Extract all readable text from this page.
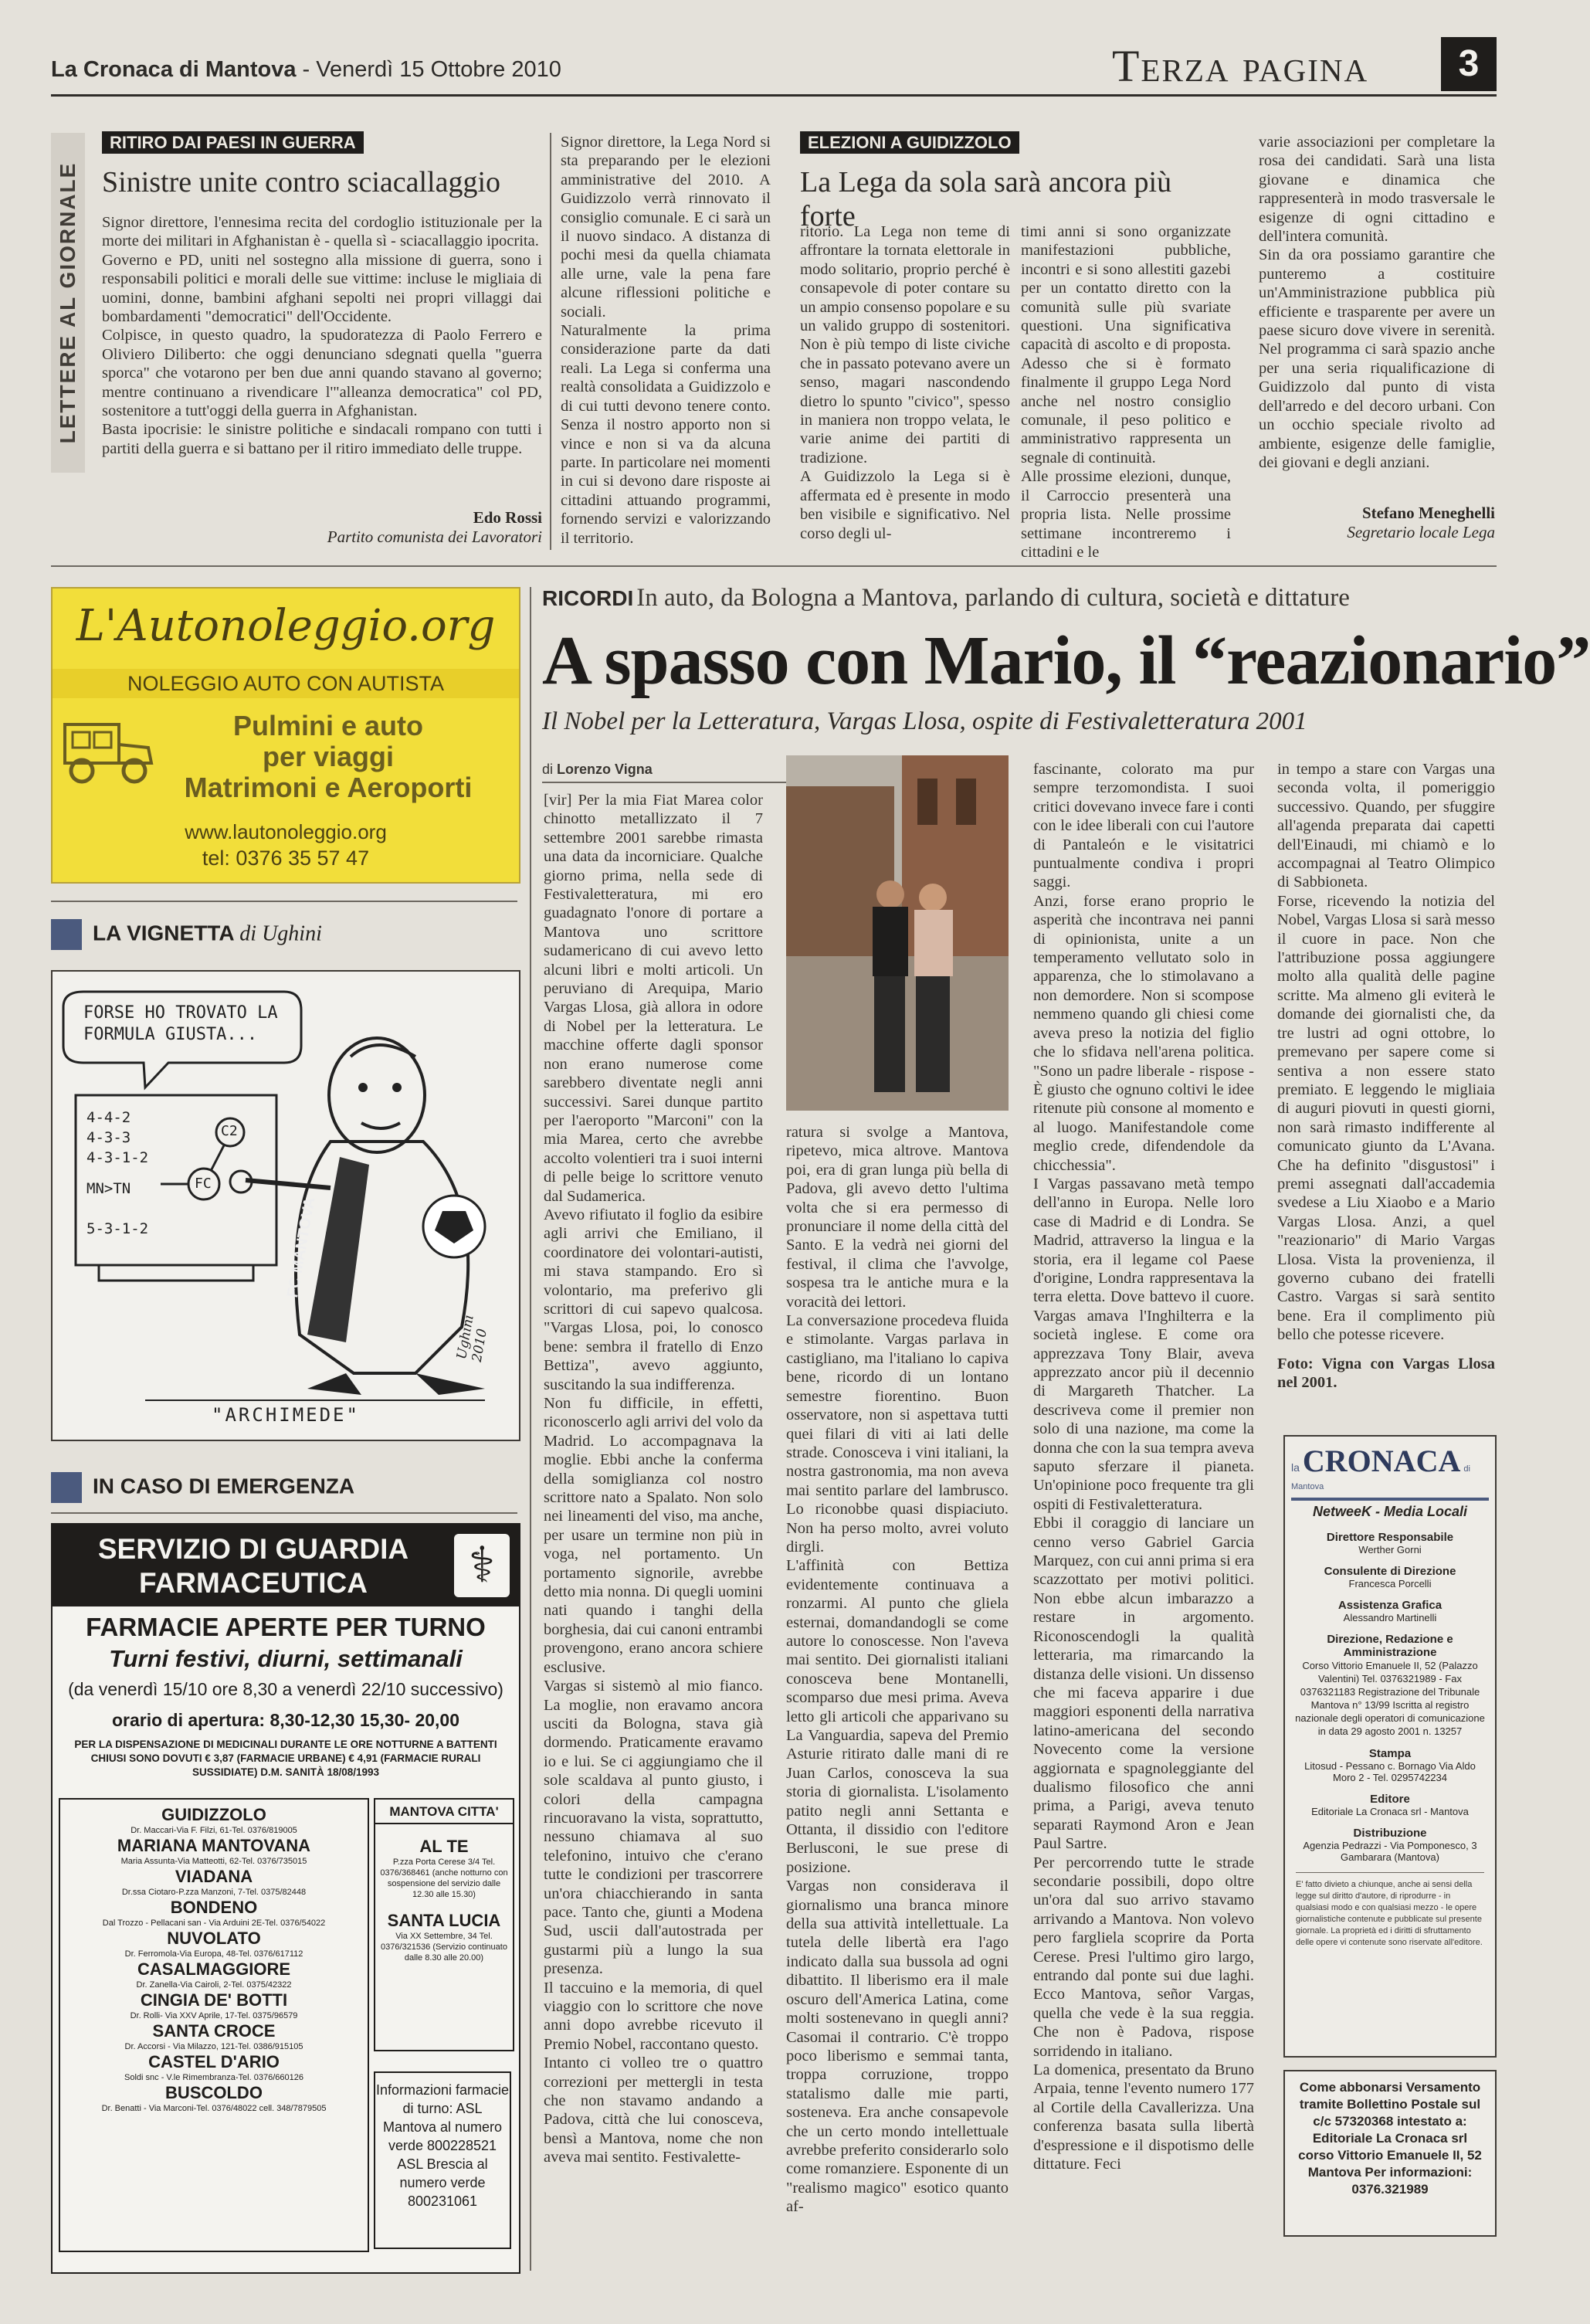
La Cronaca di Mantova - Venerdì 15 Ottobre 2010	Terza pagina	3
LETTERE AL GIORNALE
RITIRO DAI PAESI IN GUERRA
Sinistre unite contro sciacallaggio
Signor direttore, l'ennesima recita del cordoglio istituzionale per la morte dei militari in Afghanistan è - quella sì - sciacallaggio ipocrita.
Governo e PD, uniti nel sostegno alla missione di guerra, sono i responsabili politici e morali delle sue vittime: incluse le migliaia di uomini, donne, bambini afghani sepolti nei propri villaggi dai bombardamenti "democratici" dell'Occidente.
Colpisce, in questo quadro, la spudoratezza di Paolo Ferrero e Oliviero Diliberto: che oggi denunciano sdegnati quella "guerra sporca" che votarono per ben due anni quando stavano al governo; mentre continuano a rivendicare l'"alleanza democratica" col PD, sostenitore a tutt'oggi della guerra in Afghanistan.
Basta ipocrisie: le sinistre politiche e sindacali rompano con tutti i partiti della guerra e si battano per il ritiro immediato delle truppe.
Edo Rossi
Partito comunista dei Lavoratori
Signor direttore, la Lega Nord si sta preparando per le elezioni amministrative del 2010. A Guidizzolo verrà rinnovato il consiglio comunale. E ci sarà un il nuovo sindaco. A distanza di pochi mesi da quella chiamata alle urne, vale la pena fare alcune riflessioni politiche e sociali.
Naturalmente la prima considerazione parte da dati reali. La Lega si conferma una realtà consolidata a Guidizzolo e di cui tutti devono tenere conto. Senza il nostro apporto non si vince e non si va da alcuna parte. In particolare nei momenti in cui si devono dare risposte ai cittadini attuando programmi, fornendo servizi e valorizzando il territorio.
ELEZIONI A GUIDIZZOLO
La Lega da sola sarà ancora più forte
ritorio. La Lega non teme di affrontare la tornata elettorale in modo solitario, proprio perché è consapevole di poter contare su un ampio consenso popolare e su un valido gruppo di sostenitori. Non è più tempo di liste civiche che in passato potevano avere un senso, magari nascondendo dietro lo spunto "civico", spesso in maniera non troppo velata, le varie anime dei partiti di tradizione.
A Guidizzolo la Lega si è affermata ed è presente in modo ben visibile e significativo. Nel corso degli ul-
timi anni si sono organizzate manifestazioni pubbliche, incontri e si sono allestiti gazebi per un contatto diretto con la comunità sulle più svariate questioni. Una significativa capacità di ascolto e di proposta. Adesso che si è formato finalmente il gruppo Lega Nord anche nel nostro consiglio comunale, il peso politico e amministrativo rappresenta un segnale di continuità.
Alle prossime elezioni, dunque, il Carroccio presenterà una propria lista. Nelle prossime settimane incontreremo i cittadini e le
varie associazioni per completare la rosa dei candidati. Sarà una lista giovane e dinamica che rappresenterà in modo trasversale le esigenze di ogni cittadino e dell'intera comunità.
Sin da ora possiamo garantire che punteremo a costituire un'Amministrazione pubblica più efficiente e trasparente per avere un paese sicuro dove vivere in serenità. Nel programma ci sarà spazio anche per una seria riqualificazione di Guidizzolo dal punto di vista dell'arredo e del decoro urbani. Con un occhio speciale rivolto ad ambiente, esigenze delle famiglie, dei giovani e degli anziani.
Stefano Meneghelli
Segretario locale Lega
L'Autonoleggio.org
NOLEGGIO AUTO CON AUTISTA
Pulmini e auto
per viaggi
Matrimoni e Aeroporti
www.lautonoleggio.org
tel: 0376 35 57 47
LA VIGNETTA di Ughini
FORSE HO TROVATO LA FORMULA GIUSTA...
4-4-2
4-3-3
4-3-1-2
MN>TN
5-3-1-2
C2
FC
FC MANTOVA
Ughini 2010
"ARCHIMEDE"
IN CASO DI EMERGENZA
SERVIZIO DI GUARDIA
FARMACEUTICA	⚕
FARMACIE APERTE PER TURNO
Turni festivi, diurni, settimanali
(da venerdì 15/10 ore 8,30 a venerdì 22/10 successivo)
orario di apertura: 8,30-12,30 15,30- 20,00
PER LA DISPENSAZIONE DI MEDICINALI DURANTE LE ORE NOTTURNE A BATTENTI CHIUSI SONO DOVUTI € 3,87 (FARMACIE URBANE) € 4,91 (FARMACIE RURALI SUSSIDIATE) D.M. SANITÀ 18/08/1993
GUIDIZZOLO
Dr. Maccari-Via F. Filzi, 61-Tel. 0376/819005
MARIANA MANTOVANA
Maria Assunta-Via Matteotti, 62-Tel. 0376/735015
VIADANA
Dr.ssa Ciotaro-P.zza Manzoni, 7-Tel. 0375/82448
BONDENO
Dal Trozzo - Pellacani san - Via Arduini 2E-Tel. 0376/54022
NUVOLATO
Dr. Ferromola-Via Europa, 48-Tel. 0376/617112
CASALMAGGIORE
Dr. Zanella-Via Cairoli, 2-Tel. 0375/42322
CINGIA DE' BOTTI
Dr. Rolli- Via XXV Aprile, 17-Tel. 0375/96579
SANTA CROCE
Dr. Accorsi - Via Milazzo, 121-Tel. 0386/915105
CASTEL D'ARIO
Soldi snc - V.le Rimembranza-Tel. 0376/660126
BUSCOLDO
Dr. Benatti - Via Marconi-Tel. 0376/48022 cell. 348/7879505
MANTOVA CITTA'
AL TE
P.zza Porta Cerese 3/4 Tel. 0376/368461 (anche notturno con sospensione del servizio dalle 12.30 alle 15.30)
SANTA LUCIA
Via XX Settembre, 34 Tel. 0376/321536 (Servizio continuato dalle 8.30 alle 20.00)
Informazioni farmacie di turno: ASL Mantova al numero verde 800228521 ASL Brescia al numero verde 800231061
RICORDI In auto, da Bologna a Mantova, parlando di cultura, società e dittature
A spasso con Mario, il “reazionario”
Il Nobel per la Letteratura, Vargas Llosa, ospite di Festivaletteratura 2001
di Lorenzo Vigna
[vir] Per la mia Fiat Marea color chinotto metallizzato il 7 settembre 2001 sarebbe rimasta una data da incorniciare. Qualche giorno prima, nella sede di Festivaletteratura, mi ero guadagnato l'onore di portare a Mantova uno scrittore sudamericano di cui avevo letto alcuni libri e molti articoli. Un peruviano di Arequipa, Mario Vargas Llosa, già allora in odore di Nobel per la letteratura. Le macchine offerte dagli sponsor non erano numerose come sarebbero diventate negli anni successivi. Sarei dunque partito per l'aeroporto "Marconi" con la mia Marea, certo che avrebbe accolto volentieri tra i suoi interni di pelle beige lo scrittore venuto dal Sudamerica.
Avevo rifiutato il foglio da esibire agli arrivi che Emiliano, il coordinatore dei volontari-autisti, mi stava stampando. Ero sì volontario, ma preferivo gli scrittori di cui sapevo qualcosa. "Vargas Llosa, poi, lo conosco bene: sembra il fratello di Enzo Bettiza", avevo aggiunto, suscitando la sua indifferenza.
Non fu difficile, in effetti, riconoscerlo agli arrivi del volo da Madrid. Lo accompagnava la moglie. Ebbi anche la conferma della somiglianza col nostro scrittore nato a Spalato. Non solo nei lineamenti del viso, ma anche, per usare un termine non più in voga, nel portamento. Un portamento signorile, avrebbe detto mia nonna. Di quegli uomini nati quando i tanghi della borghesia, dai cui canoni entrambi provengono, erano ancora schiere esclusive.
Vargas si sistemò al mio fianco. La moglie, non eravamo ancora usciti da Bologna, stava già dormendo. Praticamente eravamo io e lui. Se ci aggiungiamo che il sole scaldava al punto giusto, i colori della campagna rincuoravano la vista, soprattutto, nessuno chiamava al suo telefonino, intuivo che c'erano tutte le condizioni per trascorrere un'ora chiacchierando in santa pace. Tanto che, giunti a Modena Sud, uscii dall'autostrada per gustarmi più a lungo la sua presenza.
Il taccuino e la memoria, di quel viaggio con lo scrittore che nove anni dopo avrebbe ricevuto il Premio Nobel, raccontano questo.
Intanto ci volleo tre o quattro correzioni per mettergli in testa che non stavamo andando a Padova, città che lui conosceva, bensì a Mantova, nome che non aveva mai sentito. Festivalette-
ratura si svolge a Mantova, ripetevo, mica altrove. Mantova poi, era di gran lunga più bella di Padova, gli avevo detto l'ultima volta che si era permesso di pronunciare il nome della città del Santo. E la vedrà nei giorni del festival, il clima che l'avvolge, sospesa tra le antiche mura e la voracità dei lettori.
La conversazione procedeva fluida e stimolante. Vargas parlava in castigliano, ma l'italiano lo capiva bene, ricordo di un lontano semestre fiorentino. Buon osservatore, non si aspettava tutti quei filari di viti ai lati delle strade. Conosceva i vini italiani, la nostra gastronomia, ma non aveva mai sentito parlare del lambrusco. Lo riconobbe quasi dispiaciuto. Non ha perso molto, avrei voluto dirgli.
L'affinità con Bettiza evidentemente continuava a ronzarmi. Al punto che gliela esternai, domandandogli se come autore lo conoscesse. Non l'aveva mai sentito. Dei giornalisti italiani conosceva bene Montanelli, scomparso due mesi prima. Aveva letto gli articoli che apparivano su La Vanguardia, sapeva del Premio Asturie ritirato dalle mani di re Juan Carlos, conosceva la sua storia di giornalista. L'isolamento patito negli anni Settanta e Ottanta, il dissidio con l'editore Berlusconi, le sue prese di posizione.
Vargas non considerava il giornalismo una branca minore della sua attività intellettuale. La tutela delle libertà era l'ago indicato dalla sua bussola ad ogni dibattito. Il liberismo era il male oscuro dell'America Latina, come molti sostenevano in quegli anni? Casomai il contrario. C'è troppo poco liberismo e semmai tanta, troppa corruzione, troppo statalismo dalle mie parti, sosteneva. Era anche consapevole che un certo mondo intellettuale avrebbe preferito considerarlo solo come romanziere. Esponente di un "realismo magico" esotico quanto af-
fascinante, colorato ma pur sempre terzomondista. I suoi critici dovevano invece fare i conti con le idee liberali con cui l'autore di Pantaleón e le visitatrici puntualmente condiva i propri saggi.
Anzi, forse erano proprio le asperità che incontrava nei panni di opinionista, unite a un temperamento vellutato solo in apparenza, che lo stimolavano a non demordere. Non si scompose nemmeno quando gli chiesi come aveva preso la notizia del figlio che lo sfidava nell'arena politica. "Sono un padre liberale - rispose - È giusto che ognuno coltivi le idee ritenute più consone al momento e al luogo. Manifestandole come meglio crede, difendendole da chicchessia".
I Vargas passavano metà tempo dell'anno in Europa. Nelle loro case di Madrid e di Londra. Se Madrid, attraverso la lingua e la storia, era il legame col Paese d'origine, Londra rappresentava la terra eletta. Dove battevo il cuore. Vargas amava l'Inghilterra e la società inglese. E come ora apprezzava Tony Blair, aveva apprezzato ancor più il decennio di Margareth Thatcher. La descriveva come il premier non solo di una nazione, ma come la donna che con la sua tempra aveva saputo sferzare il pianeta. Un'opinione poco frequente tra gli ospiti di Festivaletteratura.
Ebbi il coraggio di lanciare un cenno verso Gabriel Garcia Marquez, con cui anni prima si era scazzottato per motivi politici. Non ebbe alcun imbarazzo a restare in argomento. Riconoscendogli la qualità letteraria, ma rimarcando la distanza delle visioni. Un dissenso che mi faceva apparire i due maggiori esponenti della narrativa latino-americana del secondo Novecento come la versione aggiornata e spagnoleggiante del dualismo filosofico che anni prima, a Parigi, aveva tenuto separati Raymond Aron e Jean Paul Sartre.
Per percorrendo tutte le strade secondarie possibili, dopo oltre un'ora dal suo arrivo stavamo arrivando a Mantova. Non volevo pero fargliela scoprire da Porta Cerese. Presi l'ultimo giro largo, entrando dal ponte sui due laghi. Ecco Mantova, señor Vargas, quella che vede è la sua reggia. Che non è Padova, rispose sorridendo in italiano.
La domenica, presentato da Bruno Arpaia, tenne l'evento numero 177 al Cortile della Cavallerizza. Una conferenza basata sulla libertà d'espressione e il dispotismo delle dittature. Feci
in tempo a stare con Vargas una seconda volta, il pomeriggio successivo. Quando, per sfuggire all'agenda preparata dai capetti dell'Einaudi, mi chiamò e lo accompagnai al Teatro Olimpico di Sabbioneta.
Forse, ricevendo la notizia del Nobel, Vargas Llosa si sarà messo il cuore in pace. Non che l'attribuzione possa aggiungere molto alla qualità delle pagine scritte. Ma almeno gli eviterà le domande dei giornalisti che, da tre lustri ad ogni ottobre, lo premevano per sapere come si sentiva a non essere stato premiato. E leggendo le migliaia di auguri piovuti in questi giorni, non sarà rimasto indifferente al comunicato giunto da L'Avana. Che ha definito "disgustosi" i premi assegnati dall'accademia svedese a Liu Xiaobo e a Mario Vargas Llosa. Anzi, a quel "reazionario" di Mario Vargas Llosa. Vista la provenienza, il governo cubano dei fratelli Castro. Vargas si sarà sentito bene. Era il complimento più bello che potesse ricevere.
Foto: Vigna con Vargas Llosa nel 2001.
la CRONACA di Mantova
NetweeK - Media Locali
Direttore Responsabile
Werther Gorni
Consulente di Direzione
Francesca Porcelli
Assistenza Grafica
Alessandro Martinelli
Direzione, Redazione e Amministrazione
Corso Vittorio Emanuele II, 52 (Palazzo Valentini) Tel. 0376321989 - Fax 0376321183 Registrazione del Tribunale Mantova n° 13/99 Iscritta al registro nazionale degli operatori di comunicazione in data 29 agosto 2001 n. 13257
Stampa
Litosud - Pessano c. Bornago Via Aldo Moro 2 - Tel. 0295742234
Editore
Editoriale La Cronaca srl - Mantova
Distribuzione
Agenzia Pedrazzi - Via Pomponesco, 3 Gambarara (Mantova)
E' fatto divieto a chiunque, anche ai sensi della legge sul diritto d'autore, di riprodurre - in qualsiasi modo e con qualsiasi mezzo - le opere giornalistiche contenute e pubblicate sul presente giornale. La proprietà ed i diritti di sfruttamento delle opere vi contenute sono riservate all'editore.
Come abbonarsi Versamento tramite Bollettino Postale sul c/c 57320368 intestato a: Editoriale La Cronaca srl corso Vittorio Emanuele II, 52 Mantova Per informazioni: 0376.321989
